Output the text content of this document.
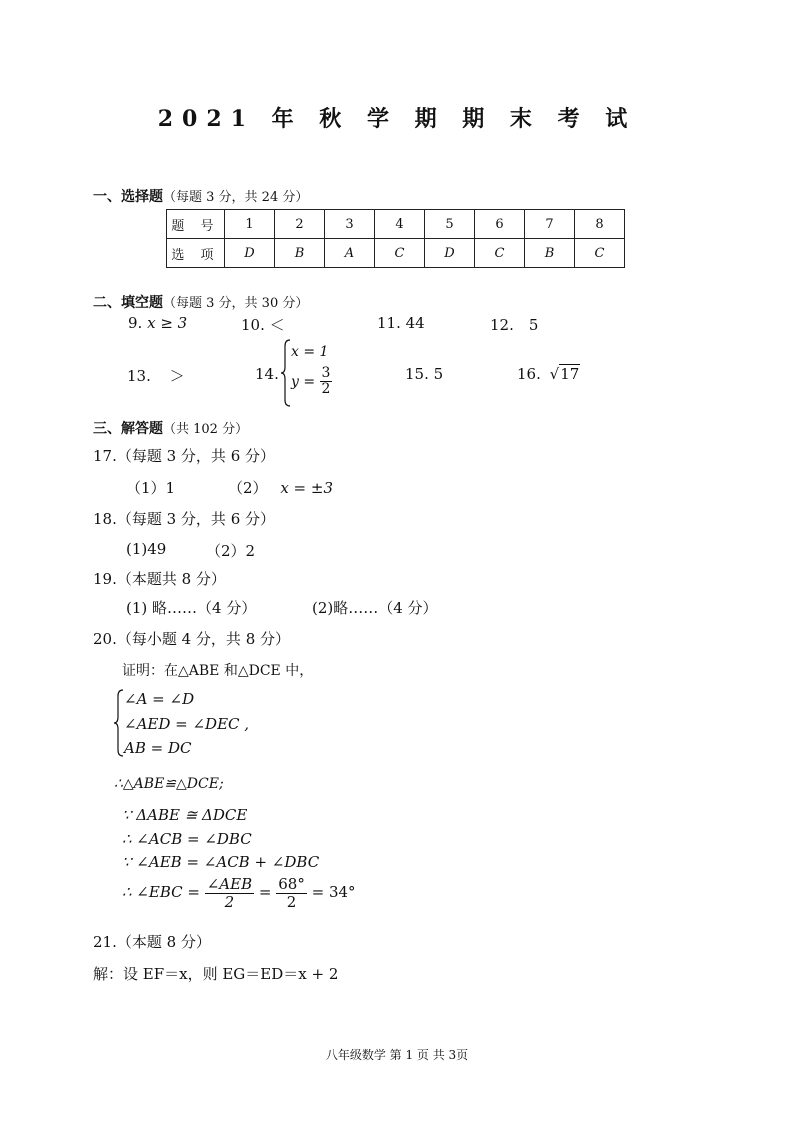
2021 年 秋 学 期 期 末 考 试
一、选择题（每题 3 分，共 24 分）
题 号	1	2	3	4	5	6	7	8
选 项	D	B	A	C	D	C	B	C
二、填空题（每题 3 分，共 30 分）
9. x ≥ 3	10. ＜	11. 44	12.　5
13. ＞	14.
x = 1
$y = \frac{3}{2}$	15. 5	16. √17
三、解答题（共 102 分）
17.（每题 3 分，共 6 分）
（1）1	（2） x = ±3
18.（每题 3 分，共 6 分）
(1)49	（2）2
19.（本题共 8 分）
(1) 略……（4 分）	(2)略……（4 分）
20.（每小题 4 分，共 8 分）
证明：在△ABE 和△DCE 中，
∠A = ∠D
∠AED = ∠DEC ,
AB = DC
∴△ABE≌△DCE;
∵ ΔABE ≅ ΔDCE
∴ ∠ACB = ∠DBC
∵ ∠AEB = ∠ACB + ∠DBC
∴ ∠EBC = $\frac{\text{∠AEB}}{2} = \frac{68^\circ}{2} = 34^\circ$
21.（本题 8 分）
解：设 EF＝x，则 EG＝ED＝x + 2
八年级数学 第 1 页 共 3页
